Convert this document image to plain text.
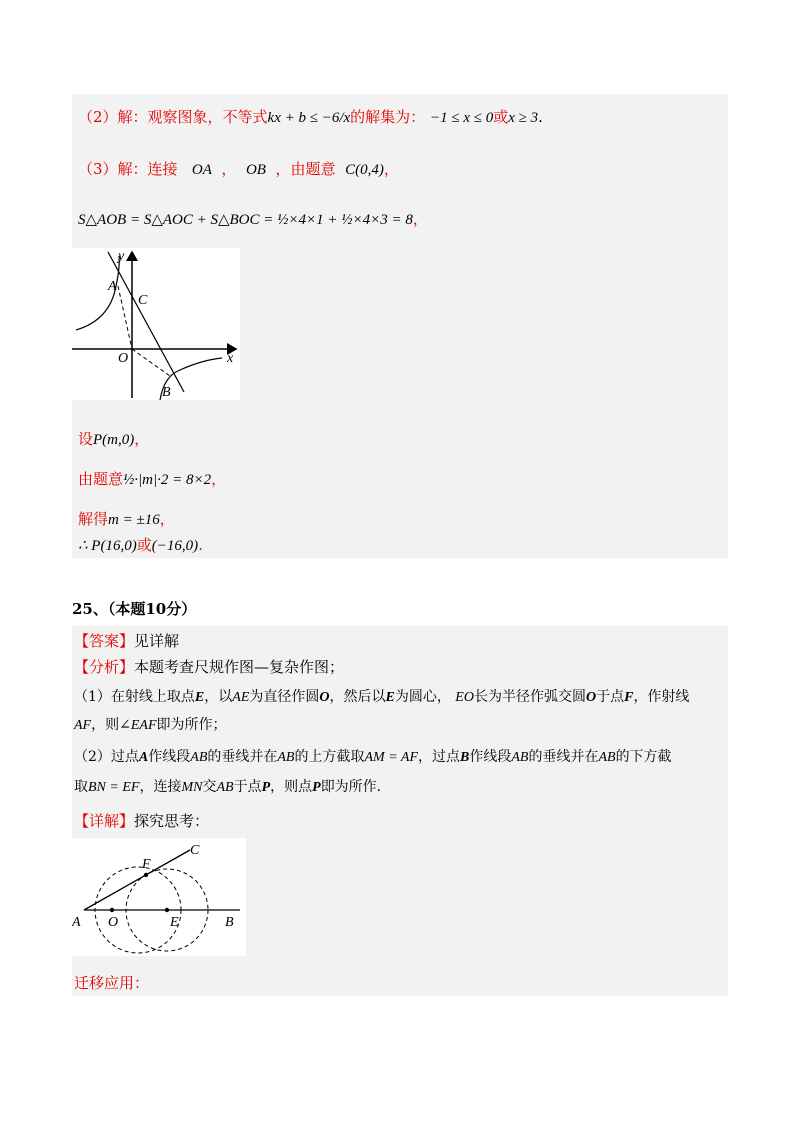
（2）解：观察图象，不等式kx + b ≤ −6/x的解集为： −1 ≤ x ≤ 0或x ≥ 3.
（3）解：连接 OA ， OB ，由题意 C(0,4)，
S△AOB = S△AOC + S△BOC = ½×4×1 + ½×4×3 = 8，
y
x
A
C
O
B
设P(m,0)，
由题意½·|m|·2 = 8×2，
解得m = ±16，
∴ P(16,0)或(−16,0).
25、（本题10分）
【答案】见详解
【分析】本题考查尺规作图—复杂作图；
（1）在射线上取点E，以AE为直径作圆O，然后以E为圆心， EO长为半径作弧交圆O于点F，作射线
AF，则∠EAF即为所作；
（2）过点A作线段AB的垂线并在AB的上方截取AM = AF，过点B作线段AB的垂线并在AB的下方截
取BN = EF，连接MN交AB于点P，则点P即为所作.
【详解】探究思考：
C
F
A O	E	B
迁移应用：
